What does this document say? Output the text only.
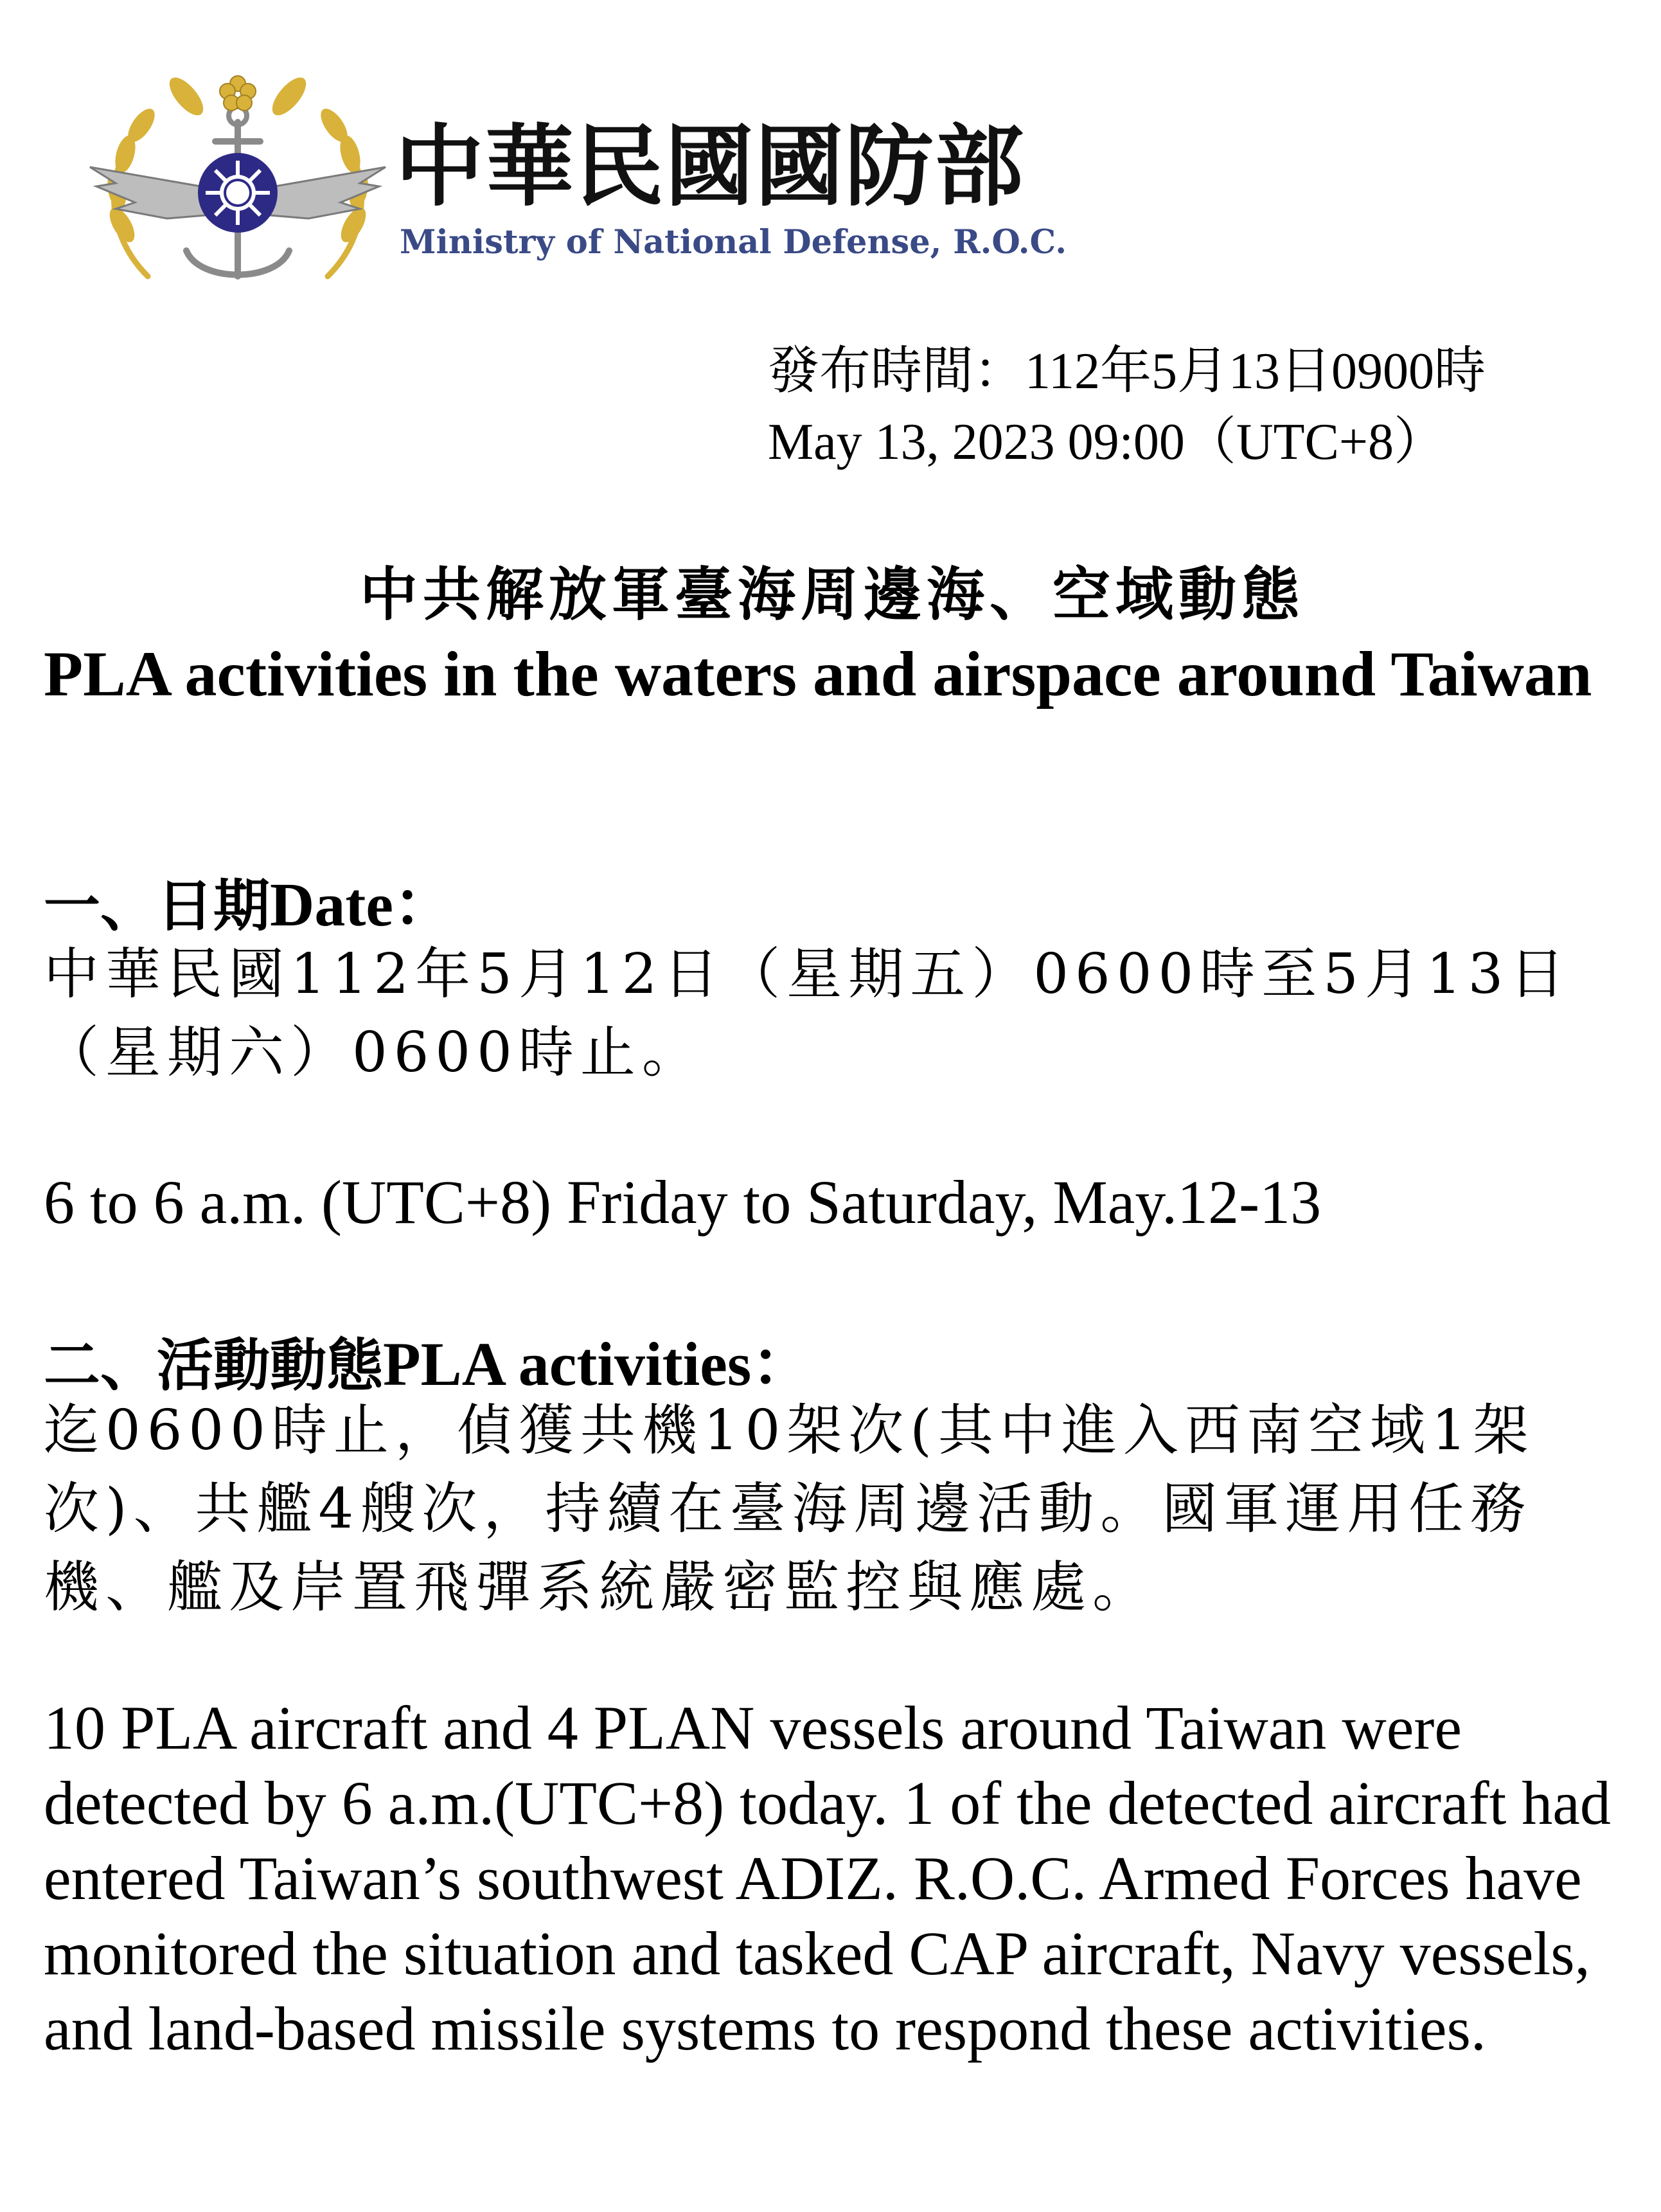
中華民國國防部
Ministry of National Defense, R.O.C.
發布時間：112年5月13日0900時
May 13, 2023 09:00（UTC+8）
中共解放軍臺海周邊海、空域動態
PLA activities in the waters and airspace around Taiwan
一、日期Date：
中華民國112年5月12日（星期五）0600時至5月13日（星期六）0600時止。
6 to 6 a.m. (UTC+8) Friday to Saturday, May.12-13
二、活動動態PLA activities：
迄0600時止，偵獲共機10架次(其中進入西南空域1架次)、共艦4艘次，持續在臺海周邊活動。國軍運用任務機、艦及岸置飛彈系統嚴密監控與應處。
10 PLA aircraft and 4 PLAN vessels around Taiwan were detected by 6 a.m.(UTC+8) today. 1 of the detected aircraft had entered Taiwan’s southwest ADIZ. R.O.C. Armed Forces have monitored the situation and tasked CAP aircraft, Navy vessels, and land-based missile systems to respond these activities.
